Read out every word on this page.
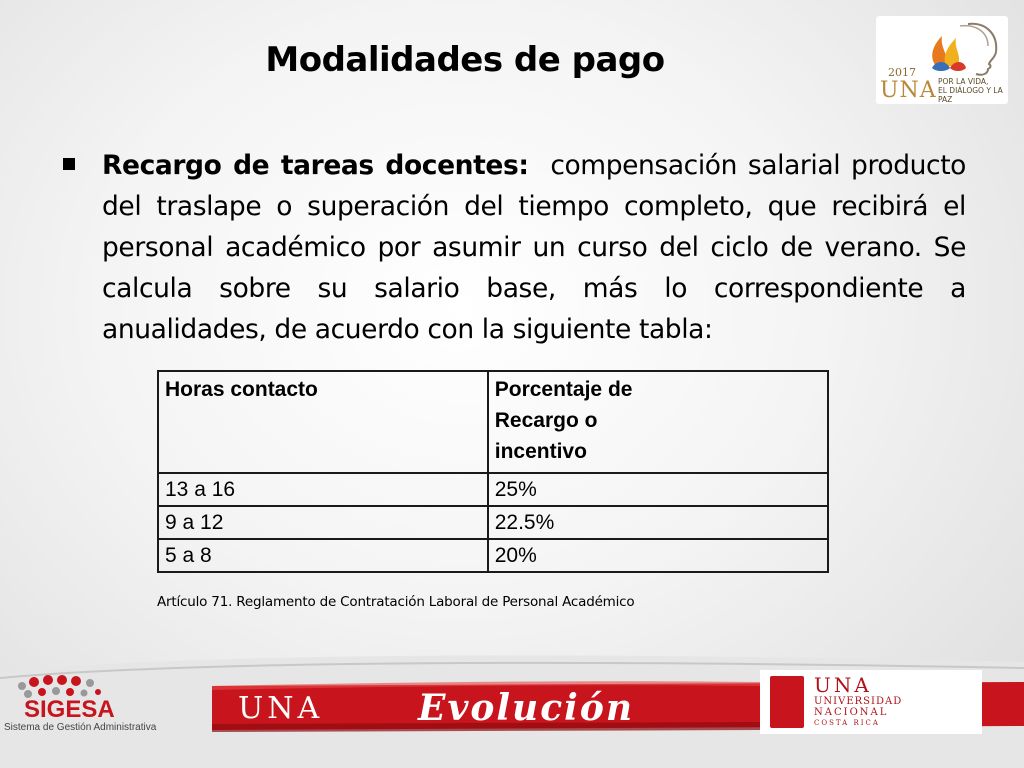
Modalidades de pago	2017
UNA POR LA VIDA,
EL DIÁLOGO Y LA PAZ
Recargo de tareas docentes: compensación salarial producto del traslape o superación del tiempo completo, que recibirá el personal académico por asumir un curso del ciclo de verano. Se calcula sobre su salario base, más lo correspondiente a anualidades, de acuerdo con la siguiente tabla:
Horas contacto	Porcentaje de Recargo o incentivo

13 a 16	25%
9 a 12	22.5%
5 a 8	20%
Artículo 71. Reglamento de Contratación Laboral de Personal Académico
SIGESA
Sistema de Gestión Administrativa
UNA	Evolución
UNA
UNIVERSIDAD
NACIONAL
COSTA RICA
